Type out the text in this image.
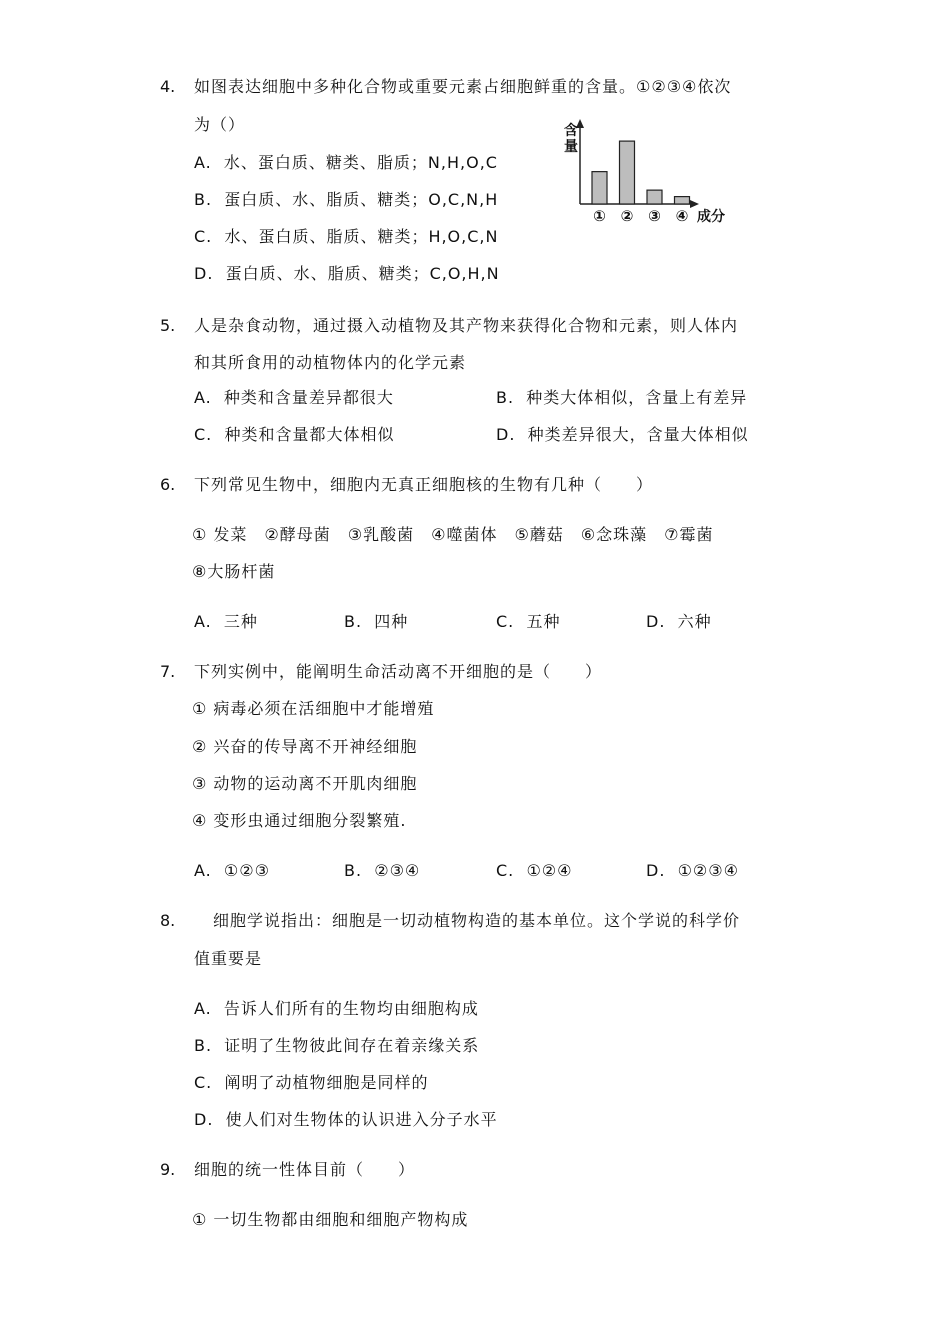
4. 如图表达细胞中多种化合物或重要元素占细胞鲜重的含量。①②③④依次
为（）
A. 水、蛋白质、糖类、脂质；N,H,O,C
B. 蛋白质、水、脂质、糖类；O,C,N,H
C. 水、蛋白质、脂质、糖类；H,O,C,N
D. 蛋白质、水、脂质、糖类；C,O,H,N
含量
成分
① ② ③ ④
5. 人是杂食动物，通过摄入动植物及其产物来获得化合物和元素，则人体内
和其所食用的动植物体内的化学元素
A. 种类和含量差异都很大	B. 种类大体相似，含量上有差异
C. 种类和含量都大体相似	D. 种类差异很大，含量大体相似
6. 下列常见生物中，细胞内无真正细胞核的生物有几种（　　）
① 发菜　②酵母菌　③乳酸菌　④噬菌体　⑤蘑菇　⑥念珠藻　⑦霉菌
⑧大肠杆菌
A. 三种	B. 四种	C. 五种	D. 六种
7. 下列实例中，能阐明生命活动离不开细胞的是（　　）
① 病毒必须在活细胞中才能增殖
② 兴奋的传导离不开神经细胞
③ 动物的运动离不开肌肉细胞
④ 变形虫通过细胞分裂繁殖.
A. ①②③	B. ②③④	C. ①②④	D. ①②③④
8. 细胞学说指出：细胞是一切动植物构造的基本单位。这个学说的科学价
值重要是
A. 告诉人们所有的生物均由细胞构成
B. 证明了生物彼此间存在着亲缘关系
C. 阐明了动植物细胞是同样的
D. 使人们对生物体的认识进入分子水平
9. 细胞的统一性体目前（　　）
① 一切生物都由细胞和细胞产物构成
